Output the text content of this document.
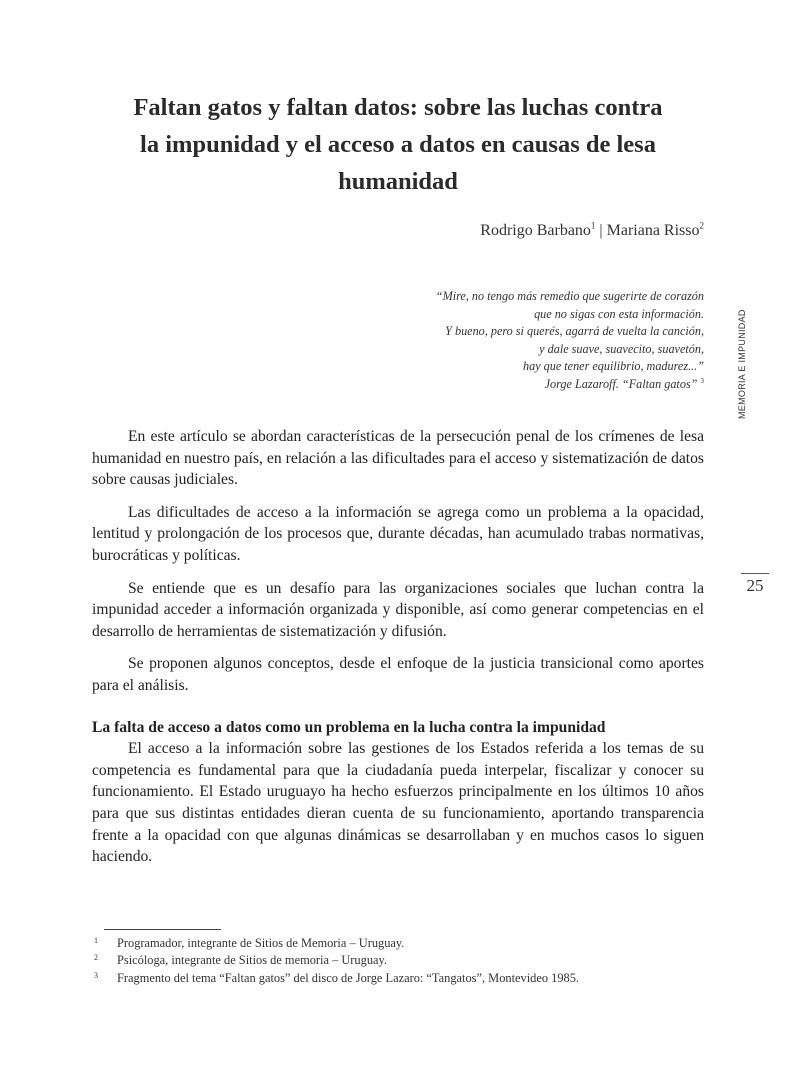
Faltan gatos y faltan datos: sobre las luchas contra
la impunidad y el acceso a datos en causas de lesa
humanidad
Rodrigo Barbano$^1$ | Mariana Risso$^2$
“Mire, no tengo más remedio que sugerirte de corazón
que no sigas con esta información.
Y bueno, pero si querés, agarrá de vuelta la canción,
y dale suave, suavecito, suavetón,
hay que tener equilibrio, madurez...”
Jorge Lazaroff. “Faltan gatos” $^3$	MEMORIA E IMPUNIDAD
25

En este artículo se abordan características de la persecución penal de los crímenes de lesa humanidad en nuestro país, en relación a las dificultades para el acceso y sistematización de datos sobre causas judiciales.

Las dificultades de acceso a la información se agrega como un problema a la opacidad, lentitud y prolongación de los procesos que, durante décadas, han acumulado trabas normativas, burocráticas y políticas.

Se entiende que es un desafío para las organizaciones sociales que luchan contra la impunidad acceder a información organizada y disponible, así como generar competencias en el desarrollo de herramientas de sistematización y difusión.

Se proponen algunos conceptos, desde el enfoque de la justicia transicional como aportes para el análisis.

La falta de acceso a datos como un problema en la lucha contra la impunidad

El acceso a la información sobre las gestiones de los Estados referida a los temas de su competencia es fundamental para que la ciudadanía pueda interpelar, fiscalizar y conocer su funcionamiento. El Estado uruguayo ha hecho esfuerzos principalmente en los últimos 10 años para que sus distintas entidades dieran cuenta de su funcionamiento, aportando transparencia frente a la opacidad con que algunas dinámicas se desarrollaban y en muchos casos lo siguen haciendo.

1 Programador, integrante de Sitios de Memoria – Uruguay.
2 Psicóloga, integrante de Sitios de memoria – Uruguay.
3 Fragmento del tema “Faltan gatos” del disco de Jorge Lazaro: “Tangatos”, Montevideo 1985.
